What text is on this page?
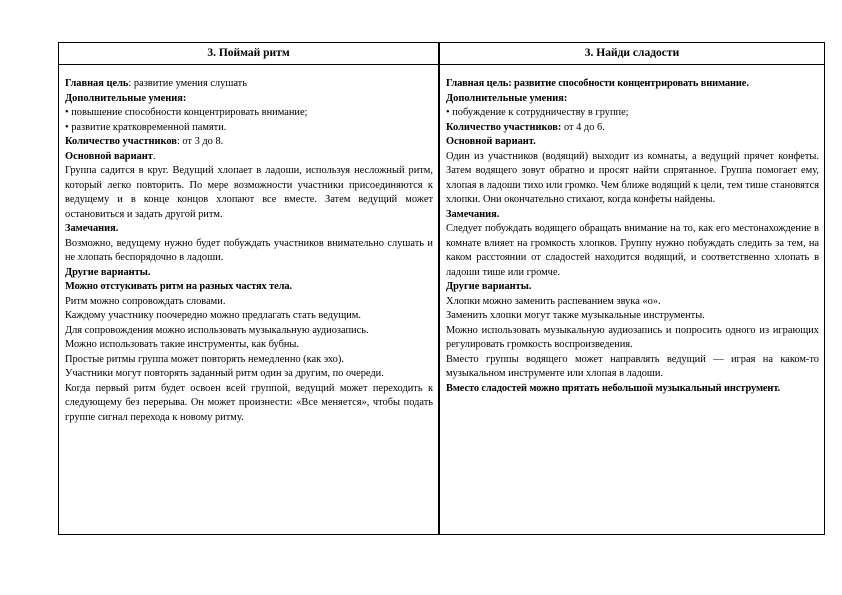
3. Поймай ритм

Главная цель: развитие умения слушать

Дополнительные умения:

• повышение способности концентрировать внимание;

• развитие кратковременной памяти.

Количество участников: от 3 до 8.

Основной вариант.

Группа садится в круг. Ведущий хлопает в ладоши, используя несложный ритм, который легко повторить. По мере возможности участники присоединяются к ведущему и в конце концов хлопают все вместе. Затем ведущий может остановиться и задать другой ритм.

Замечания.

Возможно, ведущему нужно будет побуждать участников внимательно слушать и не хлопать беспорядочно в ладоши.

Другие варианты.

Можно отстукивать ритм на разных частях тела.

Ритм можно сопровождать словами.

Каждому участнику поочередно можно предлагать стать ведущим.

Для сопровождения можно использовать музыкальную аудиозапись.

Можно использовать такие инструменты, как бубны.

Простые ритмы группа может повторять немедленно (как эхо).

Участники могут повторять заданный ритм один за другим, по очереди.

Когда первый ритм будет освоен всей группой, ведущий может переходить к следующему без перерыва. Он может произнести: «Все меняется», чтобы подать группе сигнал перехода к новому ритму.

3. Найди сладости

Главная цель: развитие способности концентрировать внимание.

Дополнительные умения:

• побуждение к сотрудничеству в группе;

Количество участников: от 4 до 6.

Основной вариант.

Один из участников (водящий) выходит из комнаты, а ведущий прячет конфеты. Затем водящего зовут обратно и просят найти спрятанное. Группа помогает ему, хлопая в ладоши тихо или громко. Чем ближе водящий к цели, тем тише становятся хлопки. Они окончательно стихают, когда конфеты найдены.

Замечания.

Следует побуждать водящего обращать внимание на то, как его местонахождение в комнате влияет на громкость хлопков. Группу нужно побуждать следить за тем, на каком расстоянии от сладостей находится водящий, и соответственно хлопать в ладоши тише или громче.

Другие варианты.

Хлопки можно заменить распеванием звука «о».

Заменить хлопки могут также музыкальные инструменты.

Можно использовать музыкальную аудиозапись и попросить одного из играющих регулировать громкость воспроизведения.

Вместо группы водящего может направлять ведущий — играя на каком-то музыкальном инструменте или хлопая в ладоши.

Вместо сладостей можно прятать небольшой музыкальный инструмент.
